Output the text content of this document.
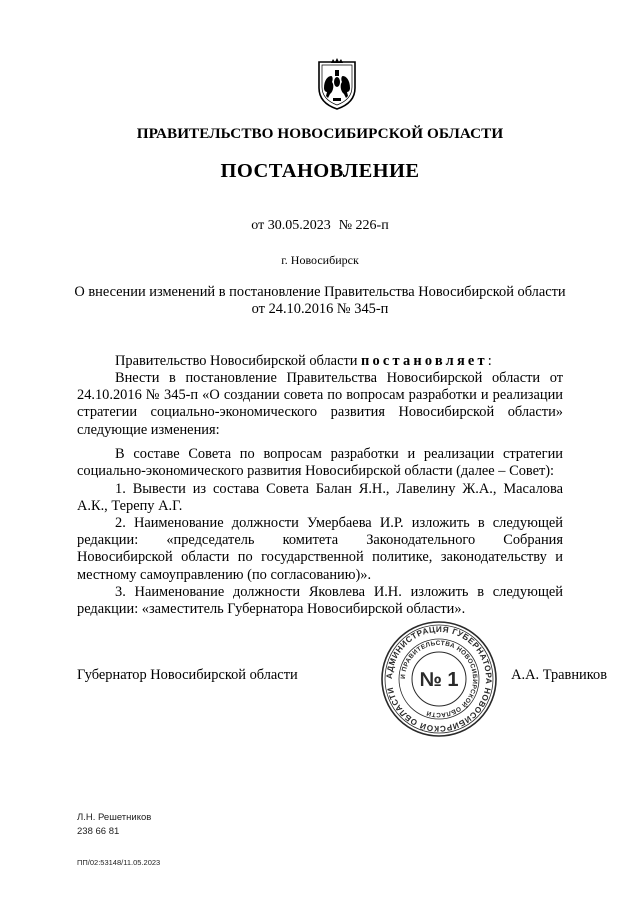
ПРАВИТЕЛЬСТВО НОВОСИБИРСКОЙ ОБЛАСТИ
ПОСТАНОВЛЕНИЕ
от 30.05.2023 № 226-п
г. Новосибирск
О внесении изменений в постановление Правительства Новосибирской области
от 24.10.2016 № 345-п
Правительство Новосибирской области постановляет:
Внести в постановление Правительства Новосибирской области от 24.10.2016 № 345-п «О создании совета по вопросам разработки и реализации стратегии социально-экономического развития Новосибирской области» следующие изменения:
В составе Совета по вопросам разработки и реализации стратегии социально-экономического развития Новосибирской области (далее – Совет):
1. Вывести из состава Совета Балан Я.Н., Лавелину Ж.А., Масалова А.К., Терепу А.Г.
2. Наименование должности Умербаева И.Р. изложить в следующей редакции: «председатель комитета Законодательного Собрания Новосибирской области по государственной политике, законодательству и местному самоуправлению (по согласованию)».
3. Наименование должности Яковлева И.Н. изложить в следующей редакции: «заместитель Губернатора Новосибирской области».
Губернатор Новосибирской области	АДМИНИСТРАЦИЯ ГУБЕРНАТОРА НОВОСИБИРСКОЙ ОБЛАСТИ
И ПРАВИТЕЛЬСТВА НОВОСИБИРСКОЙ ОБЛАСТИ
№ 1	А.А. Травников
Л.Н. Решетников
238 66 81
ПП/02:53148/11.05.2023
